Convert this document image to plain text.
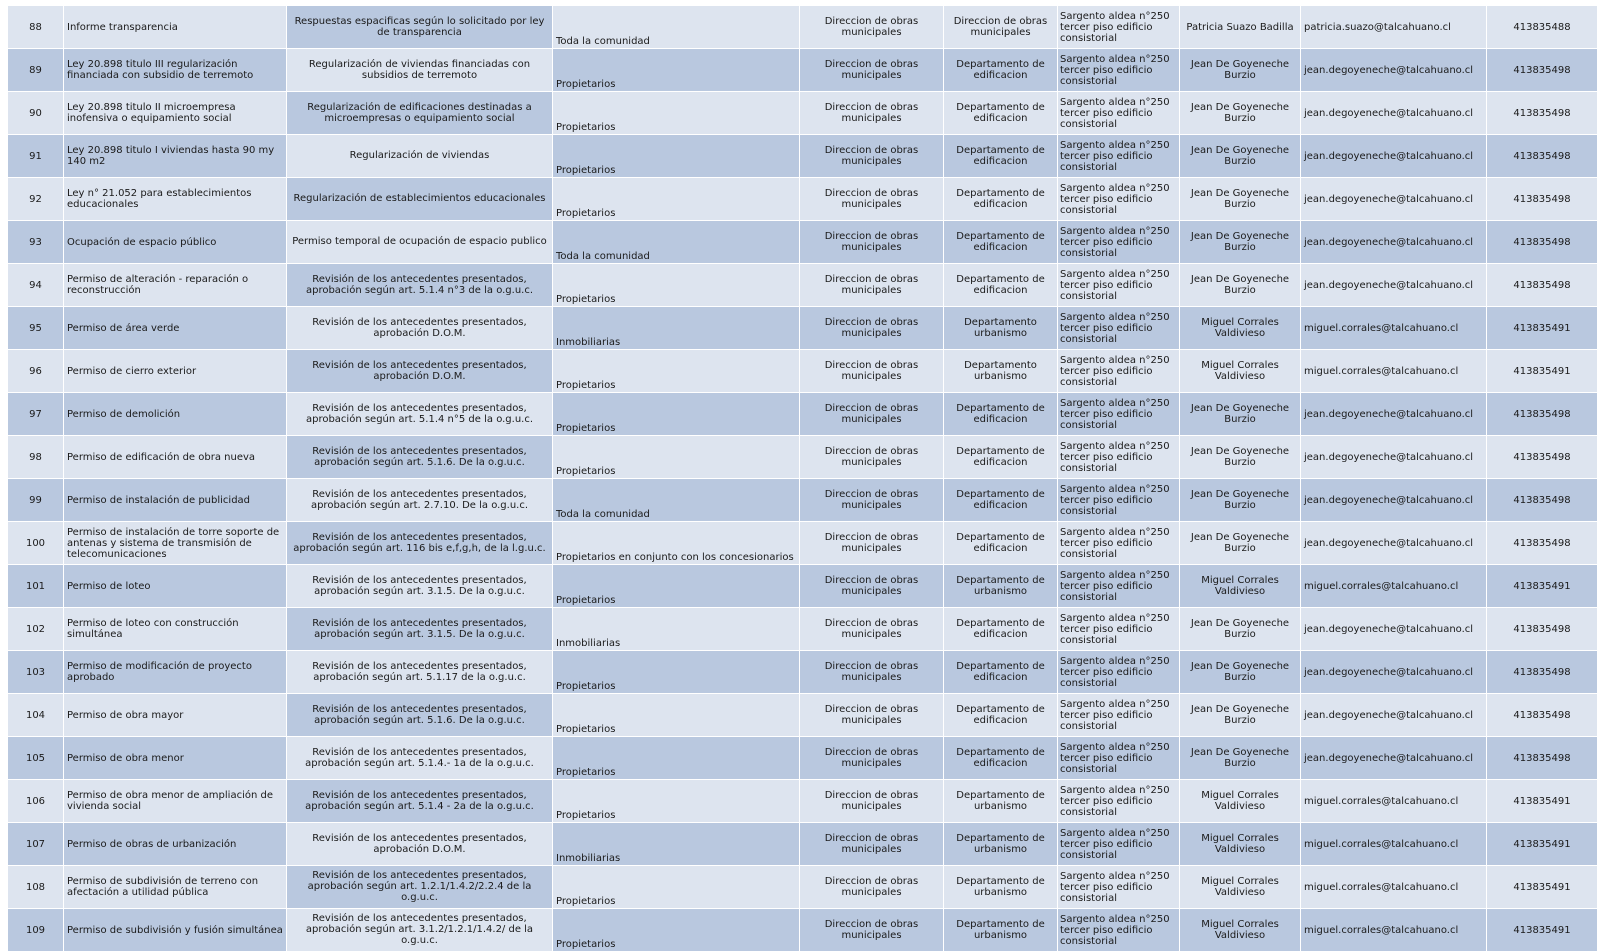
88	Informe transparencia	Respuestas espacificas según lo solicitado por ley de transparencia	Toda la comunidad	Direccion de obras municipales	Direccion de obras municipales	Sargento aldea n°250 tercer piso edificio consistorial	Patricia Suazo Badilla	patricia.suazo@talcahuano.cl	413835488
89	Ley 20.898 titulo III regularización financiada con subsidio de terremoto	Regularización de viviendas financiadas con subsidios de terremoto	Propietarios	Direccion de obras municipales	Departamento de edificacion	Sargento aldea n°250 tercer piso edificio consistorial	Jean De Goyeneche Burzio	jean.degoyeneche@talcahuano.cl	413835498
90	Ley 20.898 titulo II microempresa inofensiva o equipamiento social	Regularización de edificaciones destinadas a microempresas o equipamiento social	Propietarios	Direccion de obras municipales	Departamento de edificacion	Sargento aldea n°250 tercer piso edificio consistorial	Jean De Goyeneche Burzio	jean.degoyeneche@talcahuano.cl	413835498
91	Ley 20.898 titulo I viviendas hasta 90 my 140 m2	Regularización de viviendas	Propietarios	Direccion de obras municipales	Departamento de edificacion	Sargento aldea n°250 tercer piso edificio consistorial	Jean De Goyeneche Burzio	jean.degoyeneche@talcahuano.cl	413835498
92	Ley n° 21.052 para establecimientos educacionales	Regularización de establecimientos educacionales	Propietarios	Direccion de obras municipales	Departamento de edificacion	Sargento aldea n°250 tercer piso edificio consistorial	Jean De Goyeneche Burzio	jean.degoyeneche@talcahuano.cl	413835498
93	Ocupación de espacio público	Permiso temporal de ocupación de espacio publico	Toda la comunidad	Direccion de obras municipales	Departamento de edificacion	Sargento aldea n°250 tercer piso edificio consistorial	Jean De Goyeneche Burzio	jean.degoyeneche@talcahuano.cl	413835498
94	Permiso de alteración - reparación o reconstrucción	Revisión de los antecedentes presentados, aprobación según art. 5.1.4 n°3 de la o.g.u.c.	Propietarios	Direccion de obras municipales	Departamento de edificacion	Sargento aldea n°250 tercer piso edificio consistorial	Jean De Goyeneche Burzio	jean.degoyeneche@talcahuano.cl	413835498
95	Permiso de área verde	Revisión de los antecedentes presentados, aprobación D.O.M.	Inmobiliarias	Direccion de obras municipales	Departamento urbanismo	Sargento aldea n°250 tercer piso edificio consistorial	Miguel Corrales Valdivieso	miguel.corrales@talcahuano.cl	413835491
96	Permiso de cierro exterior	Revisión de los antecedentes presentados, aprobación D.O.M.	Propietarios	Direccion de obras municipales	Departamento urbanismo	Sargento aldea n°250 tercer piso edificio consistorial	Miguel Corrales Valdivieso	miguel.corrales@talcahuano.cl	413835491
97	Permiso de demolición	Revisión de los antecedentes presentados, aprobación según art. 5.1.4 n°5 de la o.g.u.c.	Propietarios	Direccion de obras municipales	Departamento de edificacion	Sargento aldea n°250 tercer piso edificio consistorial	Jean De Goyeneche Burzio	jean.degoyeneche@talcahuano.cl	413835498
98	Permiso de edificación de obra nueva	Revisión de los antecedentes presentados, aprobación según art. 5.1.6. De la o.g.u.c.	Propietarios	Direccion de obras municipales	Departamento de edificacion	Sargento aldea n°250 tercer piso edificio consistorial	Jean De Goyeneche Burzio	jean.degoyeneche@talcahuano.cl	413835498
99	Permiso de instalación de publicidad	Revisión de los antecedentes presentados, aprobación según art. 2.7.10. De la o.g.u.c.	Toda la comunidad	Direccion de obras municipales	Departamento de edificacion	Sargento aldea n°250 tercer piso edificio consistorial	Jean De Goyeneche Burzio	jean.degoyeneche@talcahuano.cl	413835498
100	Permiso de instalación de torre soporte de antenas y sistema de transmisión de telecomunicaciones	Revisión de los antecedentes presentados, aprobación según art. 116 bis e,f,g,h, de la l.g.u.c.	Propietarios en conjunto con los concesionarios	Direccion de obras municipales	Departamento de edificacion	Sargento aldea n°250 tercer piso edificio consistorial	Jean De Goyeneche Burzio	jean.degoyeneche@talcahuano.cl	413835498
101	Permiso de loteo	Revisión de los antecedentes presentados, aprobación según art. 3.1.5. De la o.g.u.c.	Propietarios	Direccion de obras municipales	Departamento de urbanismo	Sargento aldea n°250 tercer piso edificio consistorial	Miguel Corrales Valdivieso	miguel.corrales@talcahuano.cl	413835491
102	Permiso de loteo con construcción simultánea	Revisión de los antecedentes presentados, aprobación según art. 3.1.5. De la o.g.u.c.	Inmobiliarias	Direccion de obras municipales	Departamento de edificacion	Sargento aldea n°250 tercer piso edificio consistorial	Jean De Goyeneche Burzio	jean.degoyeneche@talcahuano.cl	413835498
103	Permiso de modificación de proyecto aprobado	Revisión de los antecedentes presentados, aprobación según art. 5.1.17 de la o.g.u.c.	Propietarios	Direccion de obras municipales	Departamento de edificacion	Sargento aldea n°250 tercer piso edificio consistorial	Jean De Goyeneche Burzio	jean.degoyeneche@talcahuano.cl	413835498
104	Permiso de obra mayor	Revisión de los antecedentes presentados, aprobación según art. 5.1.6. De la o.g.u.c.	Propietarios	Direccion de obras municipales	Departamento de edificacion	Sargento aldea n°250 tercer piso edificio consistorial	Jean De Goyeneche Burzio	jean.degoyeneche@talcahuano.cl	413835498
105	Permiso de obra menor	Revisión de los antecedentes presentados, aprobación según art. 5.1.4.- 1a de la o.g.u.c.	Propietarios	Direccion de obras municipales	Departamento de edificacion	Sargento aldea n°250 tercer piso edificio consistorial	Jean De Goyeneche Burzio	jean.degoyeneche@talcahuano.cl	413835498
106	Permiso de obra menor de ampliación de vivienda social	Revisión de los antecedentes presentados, aprobación según art. 5.1.4 - 2a de la o.g.u.c.	Propietarios	Direccion de obras municipales	Departamento de urbanismo	Sargento aldea n°250 tercer piso edificio consistorial	Miguel Corrales Valdivieso	miguel.corrales@talcahuano.cl	413835491
107	Permiso de obras de urbanización	Revisión de los antecedentes presentados, aprobación D.O.M.	Inmobiliarias	Direccion de obras municipales	Departamento de urbanismo	Sargento aldea n°250 tercer piso edificio consistorial	Miguel Corrales Valdivieso	miguel.corrales@talcahuano.cl	413835491
108	Permiso de subdivisión de terreno con afectación a utilidad pública	Revisión de los antecedentes presentados, aprobación según art. 1.2.1/1.4.2/2.2.4 de la o.g.u.c.	Propietarios	Direccion de obras municipales	Departamento de urbanismo	Sargento aldea n°250 tercer piso edificio consistorial	Miguel Corrales Valdivieso	miguel.corrales@talcahuano.cl	413835491
109	Permiso de subdivisión y fusión simultánea	Revisión de los antecedentes presentados, aprobación según art. 3.1.2/1.2.1/1.4.2/ de la o.g.u.c.	Propietarios	Direccion de obras municipales	Departamento de urbanismo	Sargento aldea n°250 tercer piso edificio consistorial	Miguel Corrales Valdivieso	miguel.corrales@talcahuano.cl	413835491
